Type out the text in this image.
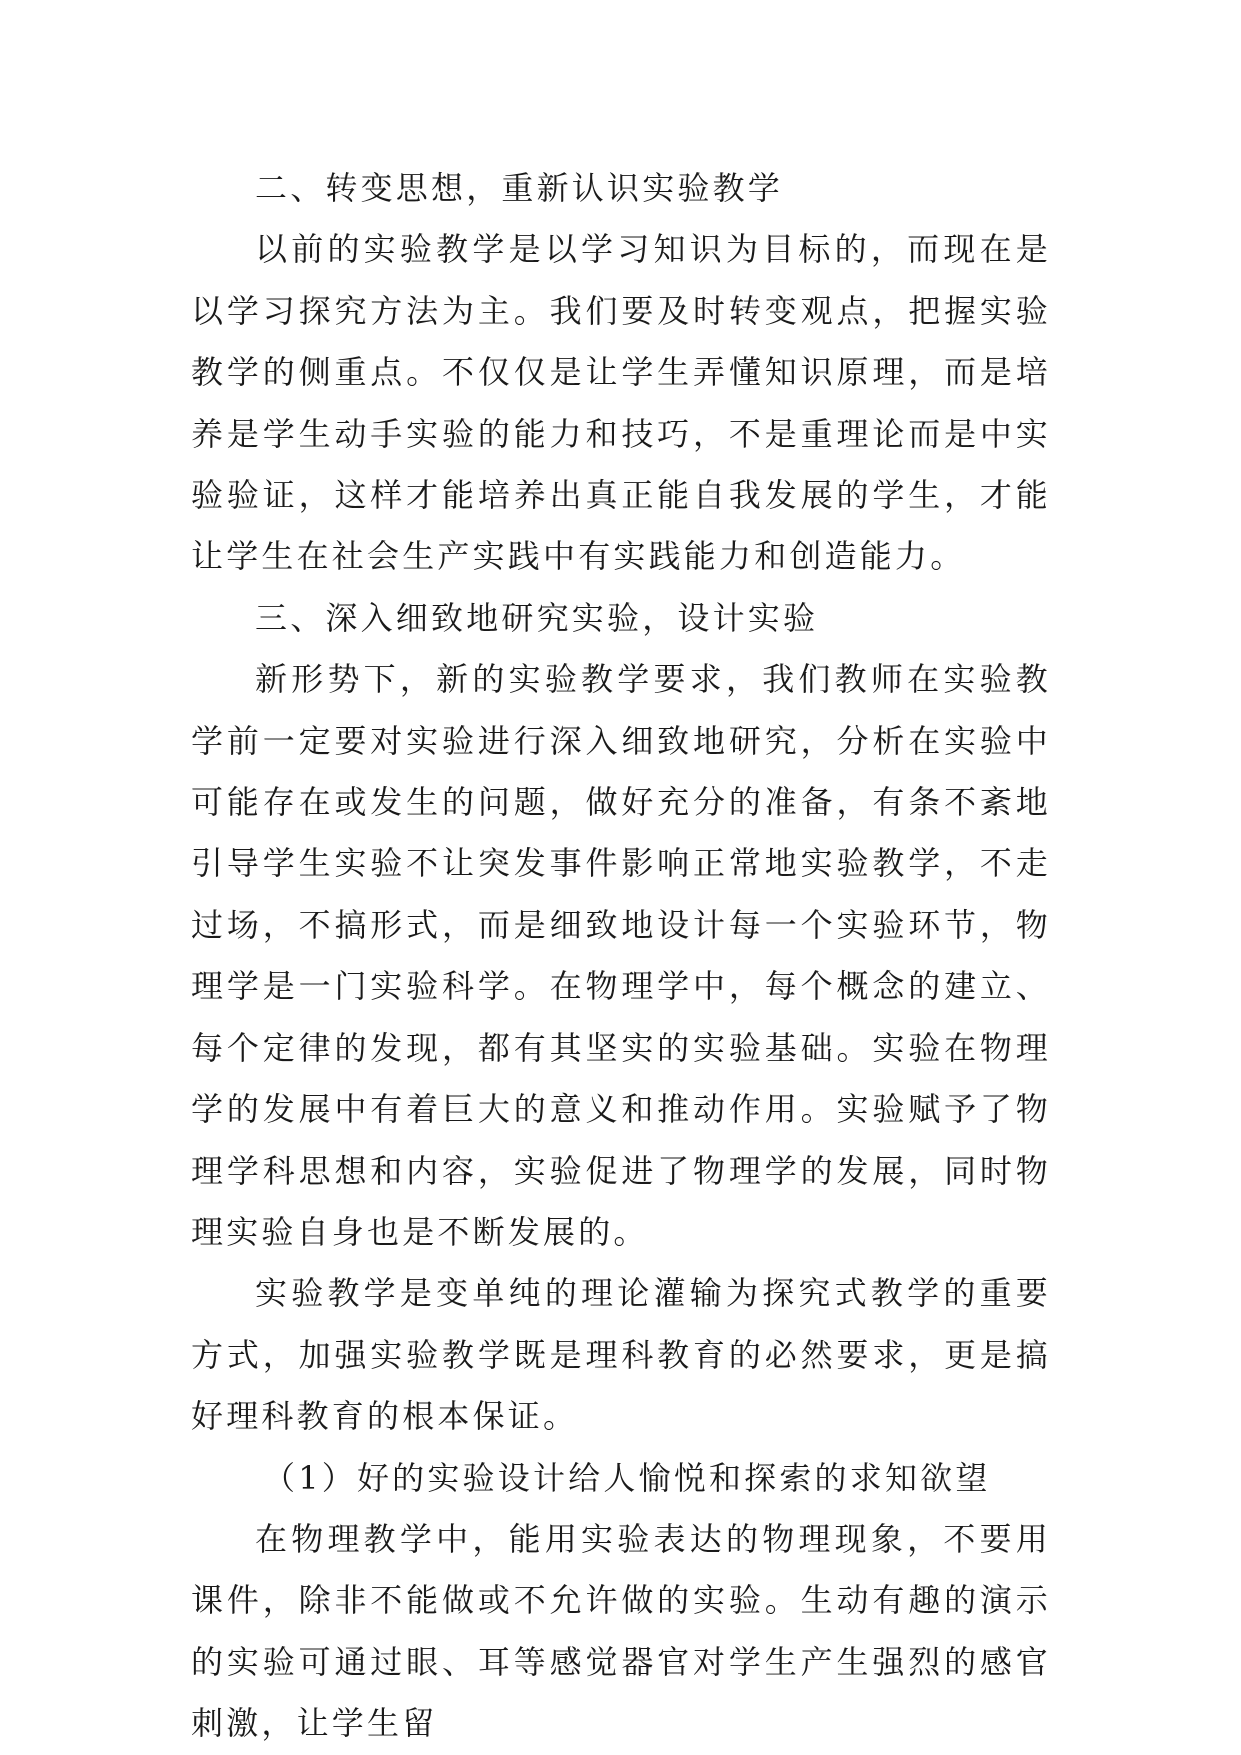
二、转变思想，重新认识实验教学

以前的实验教学是以学习知识为目标的，而现在是以学习探究方法为主。我们要及时转变观点，把握实验教学的侧重点。不仅仅是让学生弄懂知识原理，而是培养是学生动手实验的能力和技巧，不是重理论而是中实验验证，这样才能培养出真正能自我发展的学生，才能让学生在社会生产实践中有实践能力和创造能力。

三、深入细致地研究实验，设计实验

新形势下，新的实验教学要求，我们教师在实验教学前一定要对实验进行深入细致地研究，分析在实验中可能存在或发生的问题，做好充分的准备，有条不紊地引导学生实验不让突发事件影响正常地实验教学，不走过场，不搞形式，而是细致地设计每一个实验环节，物理学是一门实验科学。在物理学中，每个概念的建立、每个定律的发现，都有其坚实的实验基础。实验在物理学的发展中有着巨大的意义和推动作用。实验赋予了物理学科思想和内容，实验促进了物理学的发展，同时物理实验自身也是不断发展的。

实验教学是变单纯的理论灌输为探究式教学的重要方式，加强实验教学既是理科教育的必然要求，更是搞好理科教育的根本保证。

（1）好的实验设计给人愉悦和探索的求知欲望

在物理教学中，能用实验表达的物理现象，不要用课件，除非不能做或不允许做的实验。生动有趣的演示的实验可通过眼、耳等感觉器官对学生产生强烈的感官刺激，让学生留
